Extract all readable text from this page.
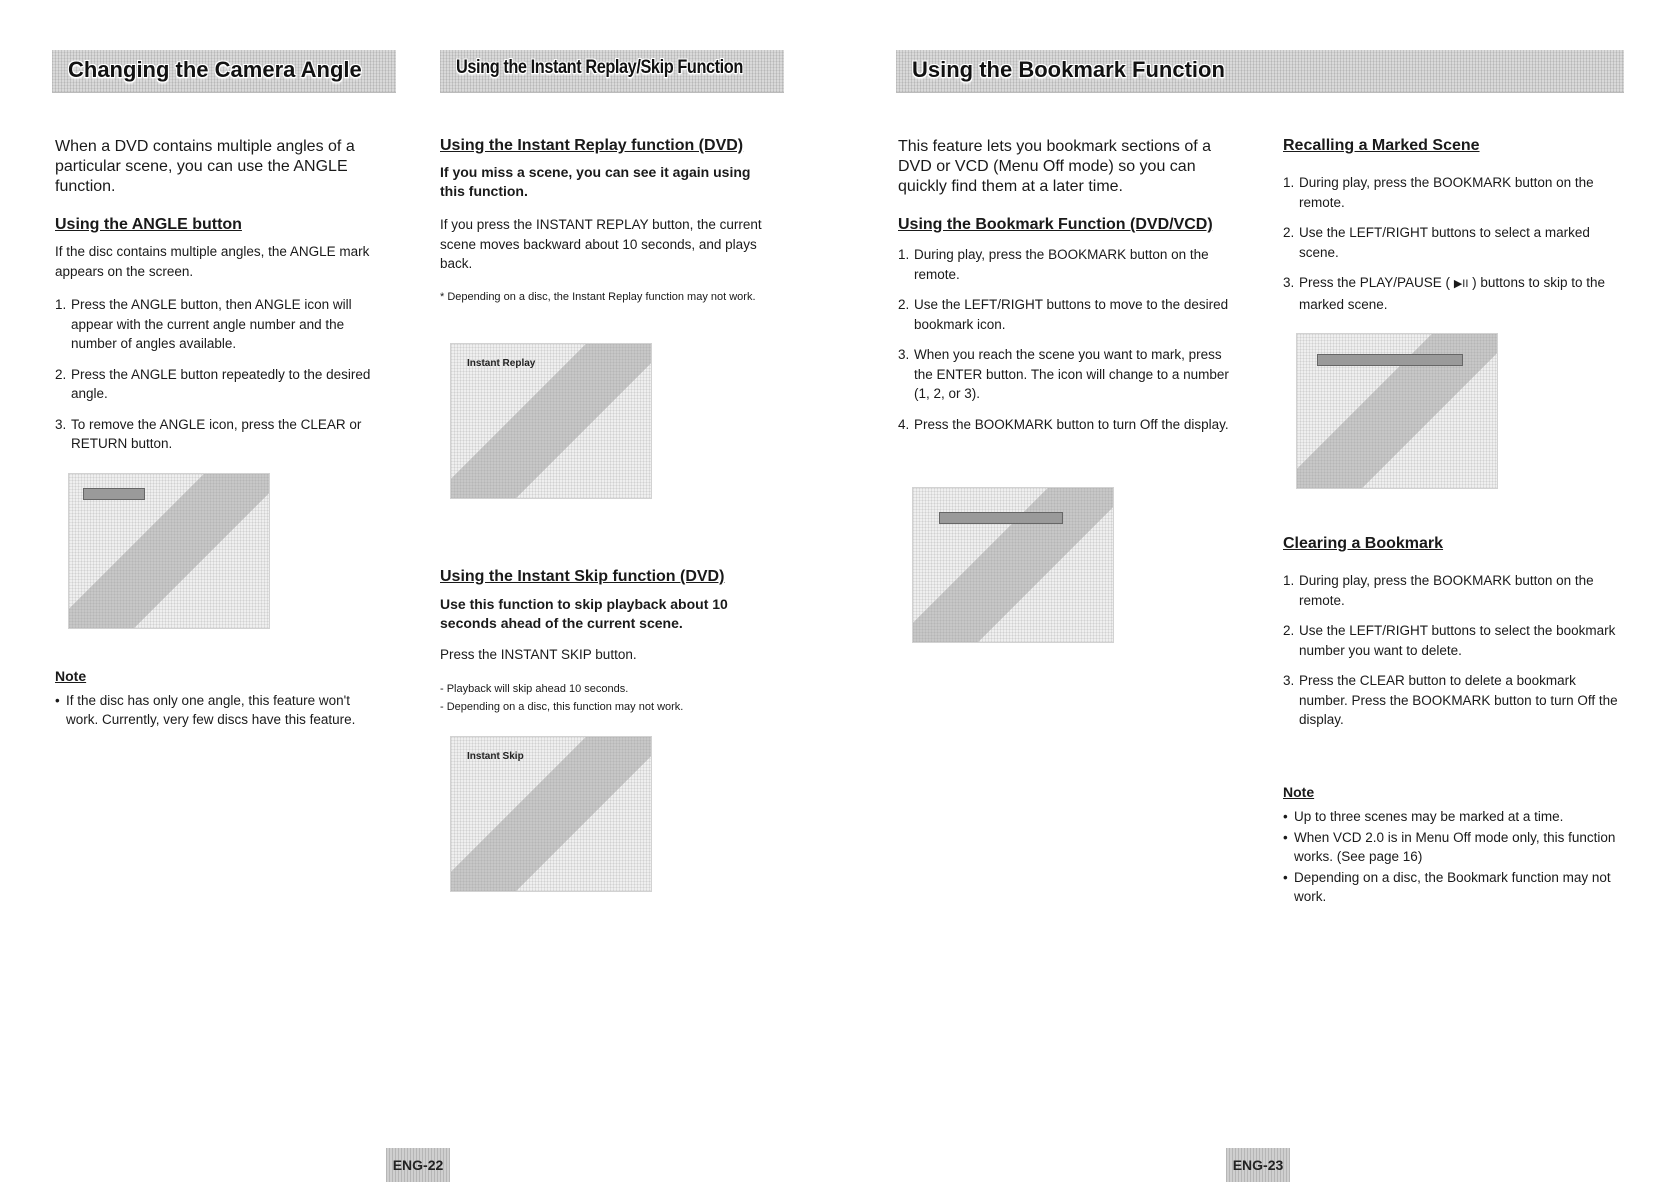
Changing the Camera Angle	Using the Instant Replay/Skip Function
When a DVD contains multiple angles of a particular scene, you can use the ANGLE function.
Using the ANGLE button
If the disc contains multiple angles, the ANGLE mark appears on the screen.
1. Press the ANGLE button, then ANGLE icon will appear with the current angle number and the number of angles available.
2. Press the ANGLE button repeatedly to the desired angle.
3. To remove the ANGLE icon, press the CLEAR or RETURN button.
Note
• If the disc has only one angle, this feature won't work. Currently, very few discs have this feature.
Using the Instant Replay function (DVD)
If you miss a scene, you can see it again using this function.
If you press the INSTANT REPLAY button, the current scene moves backward about 10 seconds, and plays back.
* Depending on a disc, the Instant Replay function may not work.
Instant Replay
Using the Instant Skip function (DVD)
Use this function to skip playback about 10 seconds ahead of the current scene.
Press the INSTANT SKIP button.
- Playback will skip ahead 10 seconds.
- Depending on a disc, this function may not work.
Instant Skip
ENG-22
Using the Bookmark Function
This feature lets you bookmark sections of a DVD or VCD (Menu Off mode) so you can quickly find them at a later time.
Using the Bookmark Function (DVD/VCD)
1. During play, press the BOOKMARK button on the remote.
2. Use the LEFT/RIGHT buttons to move to the desired bookmark icon.
3. When you reach the scene you want to mark, press the ENTER button. The icon will change to a number (1, 2, or 3).
4. Press the BOOKMARK button to turn Off the display.
Recalling a Marked Scene
1. During play, press the BOOKMARK button on the remote.
2. Use the LEFT/RIGHT buttons to select a marked scene.
3. Press the PLAY/PAUSE ( ▶II ) buttons to skip to the marked scene.
Clearing a Bookmark
1. During play, press the BOOKMARK button on the remote.
2. Use the LEFT/RIGHT buttons to select the bookmark number you want to delete.
3. Press the CLEAR button to delete a bookmark number. Press the BOOKMARK button to turn Off the display.
Note
• Up to three scenes may be marked at a time.
• When VCD 2.0 is in Menu Off mode only, this function works. (See page 16)
• Depending on a disc, the Bookmark function may not work.
ENG-23
